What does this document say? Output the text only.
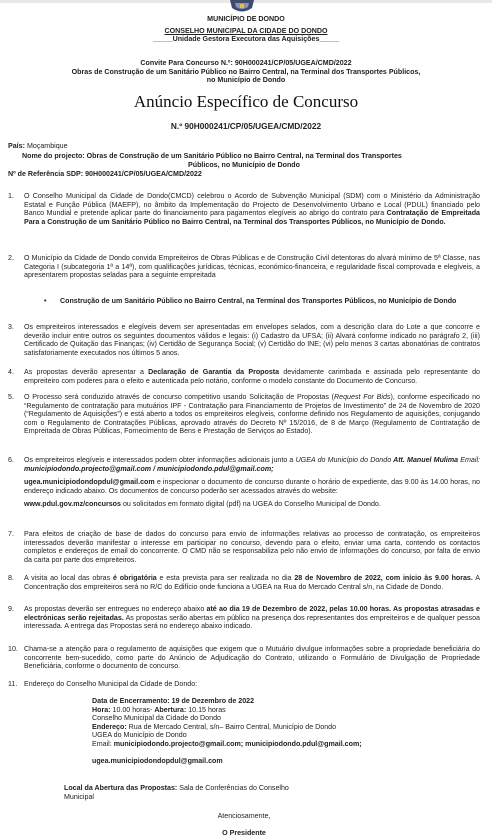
MUNICÍPIO DE DONDO
CONSELHO MUNICIPAL DA CIDADE DO DONDO
_____Unidade Gestora Executora das Aquisições_____
Convite Para Concurso N.º: 90H000241/CP/05/UGEA/CMD/2022
Obras de Construção de um Sanitário Público no Bairro Central, na Terminal dos Transportes Públicos,
no Município de Dondo
Anúncio Específico de Concurso
N.º 90H000241/CP/05/UGEA/CMD/2022
País: Moçambique
Nome do projecto: Obras de Construção de um Sanitário Público no Bairro Central, na Terminal dos Transportes
Públicos, no Município de Dondo
Nº de Referência SDP: 90H000241/CP/05/UGEA/CMD/2022
1.	O Conselho Municipal da Cidade de Dondo(CMCD) celebrou o Acordo de Subvenção Municipal (SDM) com o Ministério da Administração Estatal e Função Pública (MAEFP), no âmbito da Implementação do Projecto de Desenvolvimento Urbano e Local (PDUL) financiado pelo Banco Mundial e pretende aplicar parte do financiamento para pagamentos elegíveis ao abrigo do contrato para Contratação de Empreitada Para a Construção de um Sanitário Público no Bairro Central, na Terminal dos Transportes Públicos, no Município de Dondo.
2.	O Município da Cidade de Dondo convida Empreiteiros de Obras Públicas e de Construção Civil detentoras do alvará mínimo de 5ª Classe, nas Categoria I (subcategoria 1ª a 14ª), com qualificações jurídicas, técnicas, económico-financeira, e regularidade fiscal comprovada e elegíveis, a apresentarem propostas seladas para a seguinte empreitada
•	Construção de um Sanitário Público no Bairro Central, na Terminal dos Transportes Públicos, no Município de Dondo
3.	Os empreiteiros interessados e elegíveis devem ser apresentadas em envelopes selados, com a descrição clara do Lote a que concorre e deverão incluir entre outros os seguintes documentos válidos e legais: (i) Cadastro da UFSA; (ii) Alvará conforme indicado no parágrafo 2, (iii) Certificado de Quitação das Finanças; (iv) Certidão de Segurança Social; (v) Certidão do INE; (vi) pelo menos 3 cartas abonatórias de contratos satisfatoriamente executados nos últimos 5 anos.
4.	As propostas deverão apresentar a Declaração de Garantia da Proposta devidamente carimbada e assinada pelo representante do empreiteiro com poderes para o efeito e autenticada pelo notário, conforme o modelo constante do Documento de Concurso.
5.	O Processo será conduzido através de concurso competitivo usando Solicitação de Propostas (Request For Bids), conforme especificado no “Regulamento de contratação para mutuários IPF - Contratação para Financiamento de Projetos de Investimento” de 24 de Novembro de 2020 (“Regulamento de Aquisições”) e está aberto a todos os empreiteiros elegíveis, conforme definido nos Regulamento de aquisições, conjugando com o Regulamento de Contratações Públicas, aprovado através do Decreto Nº 15/2016, de 8 de Março (Regulamento de Contratação de Empreitada de Obras Públicas, Fornecimento de Bens e Prestação de Serviços ao Estado).
6.	Os empreiteiros elegíveis e interessados podem obter informações adicionais junto a UGEA do Município do Dondo Att. Manuel Mulima Email: municipiodondo.projecto@gmail.com / municipiodondo.pdul@gmail.com;
ugea.municipiodondopdul@gmail.com e inspecionar o documento de concurso durante o horário de expediente, das 9.00 às 14.00 horas, no endereço indicado abaixo. Os documentos de concurso poderão ser acessados através do website:
www.pdul.gov.mz/concursos ou solicitados em formato digital (pdf) na UGEA do Conselho Municipal de Dondo.
7.	Para efeitos de criação de base de dados do concurso para envio de informações relativas ao processo de contratação, os empreiteiros interessados deverão manifestar o interesse em participar no concurso, devendo para o efeito, enviar uma carta, contendo os contactos completos e endereços de email do concorrente. O CMD não se responsabiliza pelo não envio de informações do concurso, por falta de envio da carta por parte dos empreiteiros.
8.	A visita ao local das obras é obrigatória e esta prevista para ser realizada no dia 28 de Novembro de 2022, com início às 9.00 horas. A Concentração dos empreiteiros será no R/C do Edifício onde funciona a UGEA na Rua do Mercado Central s/n, na Cidade de Dondo.
9.	As propostas deverão ser entregues no endereço abaixo até ao dia 19 de Dezembro de 2022, pelas 10.00 horas. As propostas atrasadas e electrónicas serão rejeitadas. As propostas serão abertas em público na presença dos representantes dos empreiteiros e de qualquer pessoa interessada. A entrega das Propostas será no endereço abaixo indicado.
10. Chama-se a atenção para o regulamento de aquisições que exigem que o Mutuário divulgue informações sobre a propriedade beneficiária do concorrente bem-sucedido, como parte do Anúncio de Adjudicação do Contrato, utilizando o Formulário de Divulgação de Propriedade Beneficiária, conforme o documento de concurso.
11. Endereço do Conselho Municipal da Cidade de Dondo:
Data de Encerramento: 19 de Dezembro de 2022
Hora: 10.00 horas- Abertura: 10.15 horas
Conselho Municipal da Cidade do Dondo
Endereço: Rua de Mercado Central, s/n– Bairro Central, Município de Dondo
UGEA do Município de Dondo
Email: municipiodondo.projecto@gmail.com; municipiodondo.pdul@gmail.com;
ugea.municipiodondopdul@gmail.com
Local da Abertura das Propostas: Sala de Conferências do Conselho
Municipal
Atenciosamente,
O Presidente
